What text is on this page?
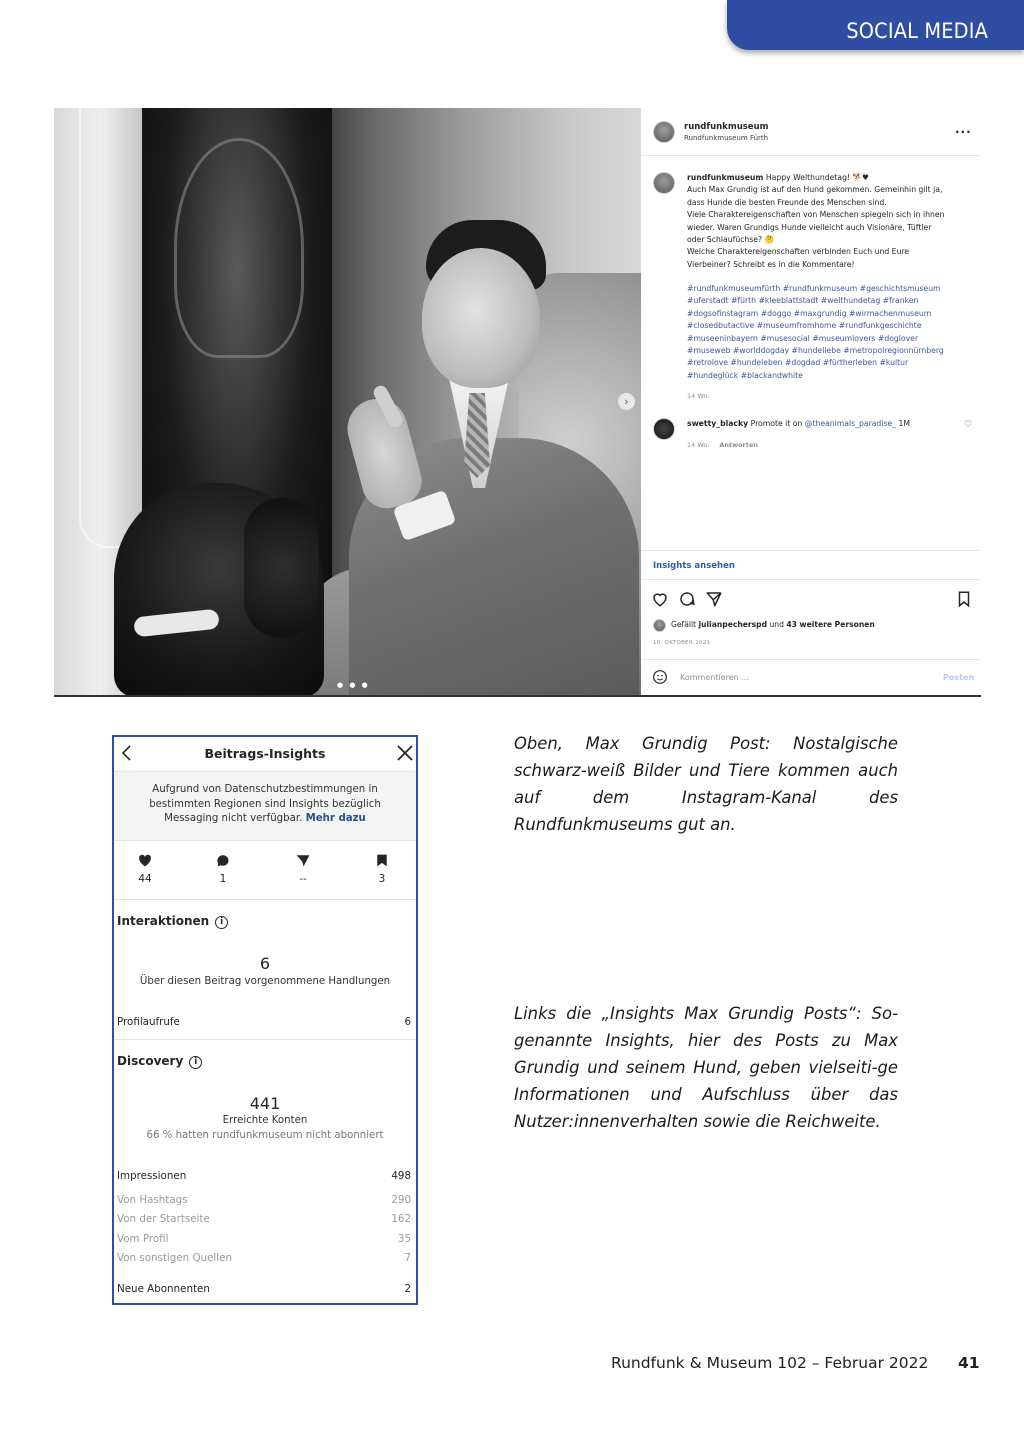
SOCIAL MEDIA
›
● ● ●
rundfunkmuseum
Rundfunkmuseum Fürth
...
rundfunkmuseum Happy Welthundetag! 🐕♥
Auch Max Grundig ist auf den Hund gekommen. Gemeinhin gilt ja,
dass Hunde die besten Freunde des Menschen sind.
Viele Charaktereigenschaften von Menschen spiegeln sich in ihnen
wieder. Waren Grundigs Hunde vielleicht auch Visionäre, Tüftler
oder Schlaufüchse? 🤔
Welche Charaktereigenschaften verbinden Euch und Eure
Vierbeiner? Schreibt es in die Kommentare!
#rundfunkmuseumfürth #rundfunkmuseum #geschichtsmuseum
#uferstadt #fürth #kleeblattstadt #welthundetag #franken
#dogsofinstagram #doggo #maxgrundig #wirmachenmuseum
#closedbutactive #museumfromhome #rundfunkgeschichte
#museeninbayern #musesocial #museumlovers #doglover
#museweb #worlddogday #hundeliebe #metropolregionnürnberg
#retrolove #hundeleben #dogdad #fürtherleben #kultur
#hundeglück #blackandwhite
14 Wo.
swetty_blacky Promote it on @theanimals_paradise_ 1M	♡
14 Wo. Antworten
Insights ansehen
Gefällt julianpecherspd und 43 weitere Personen
10. OKTOBER 2021
Kommentieren ...	Posten
Beitrags-Insights
Aufgrund von Datenschutzbestimmungen in bestimmten Regionen sind Insights bezüglich Messaging nicht verfügbar. Mehr dazu
44	1	--	3
Interaktionen i
6
Über diesen Beitrag vorgenommene Handlungen
Profilaufrufe	6
Discovery i
441
Erreichte Konten
66 % hatten rundfunkmuseum nicht abonniert
Impressionen	498
Von Hashtags	290
Von der Startseite	162
Vom Profil	35
Von sonstigen Quellen	7
Neue Abonnenten	2
Oben, Max Grundig Post: Nostalgische schwarz-weiß Bilder und Tiere kommen auch auf dem Instagram-Kanal des Rundfunkmuseums gut an.
Links die „Insights Max Grundig Posts“: So-genannte Insights, hier des Posts zu Max Grundig und seinem Hund, geben vielseiti-ge Informationen und Aufschluss über das Nutzer:innenverhalten sowie die Reichweite.
Rundfunk & Museum 102 – Februar 2022 41
